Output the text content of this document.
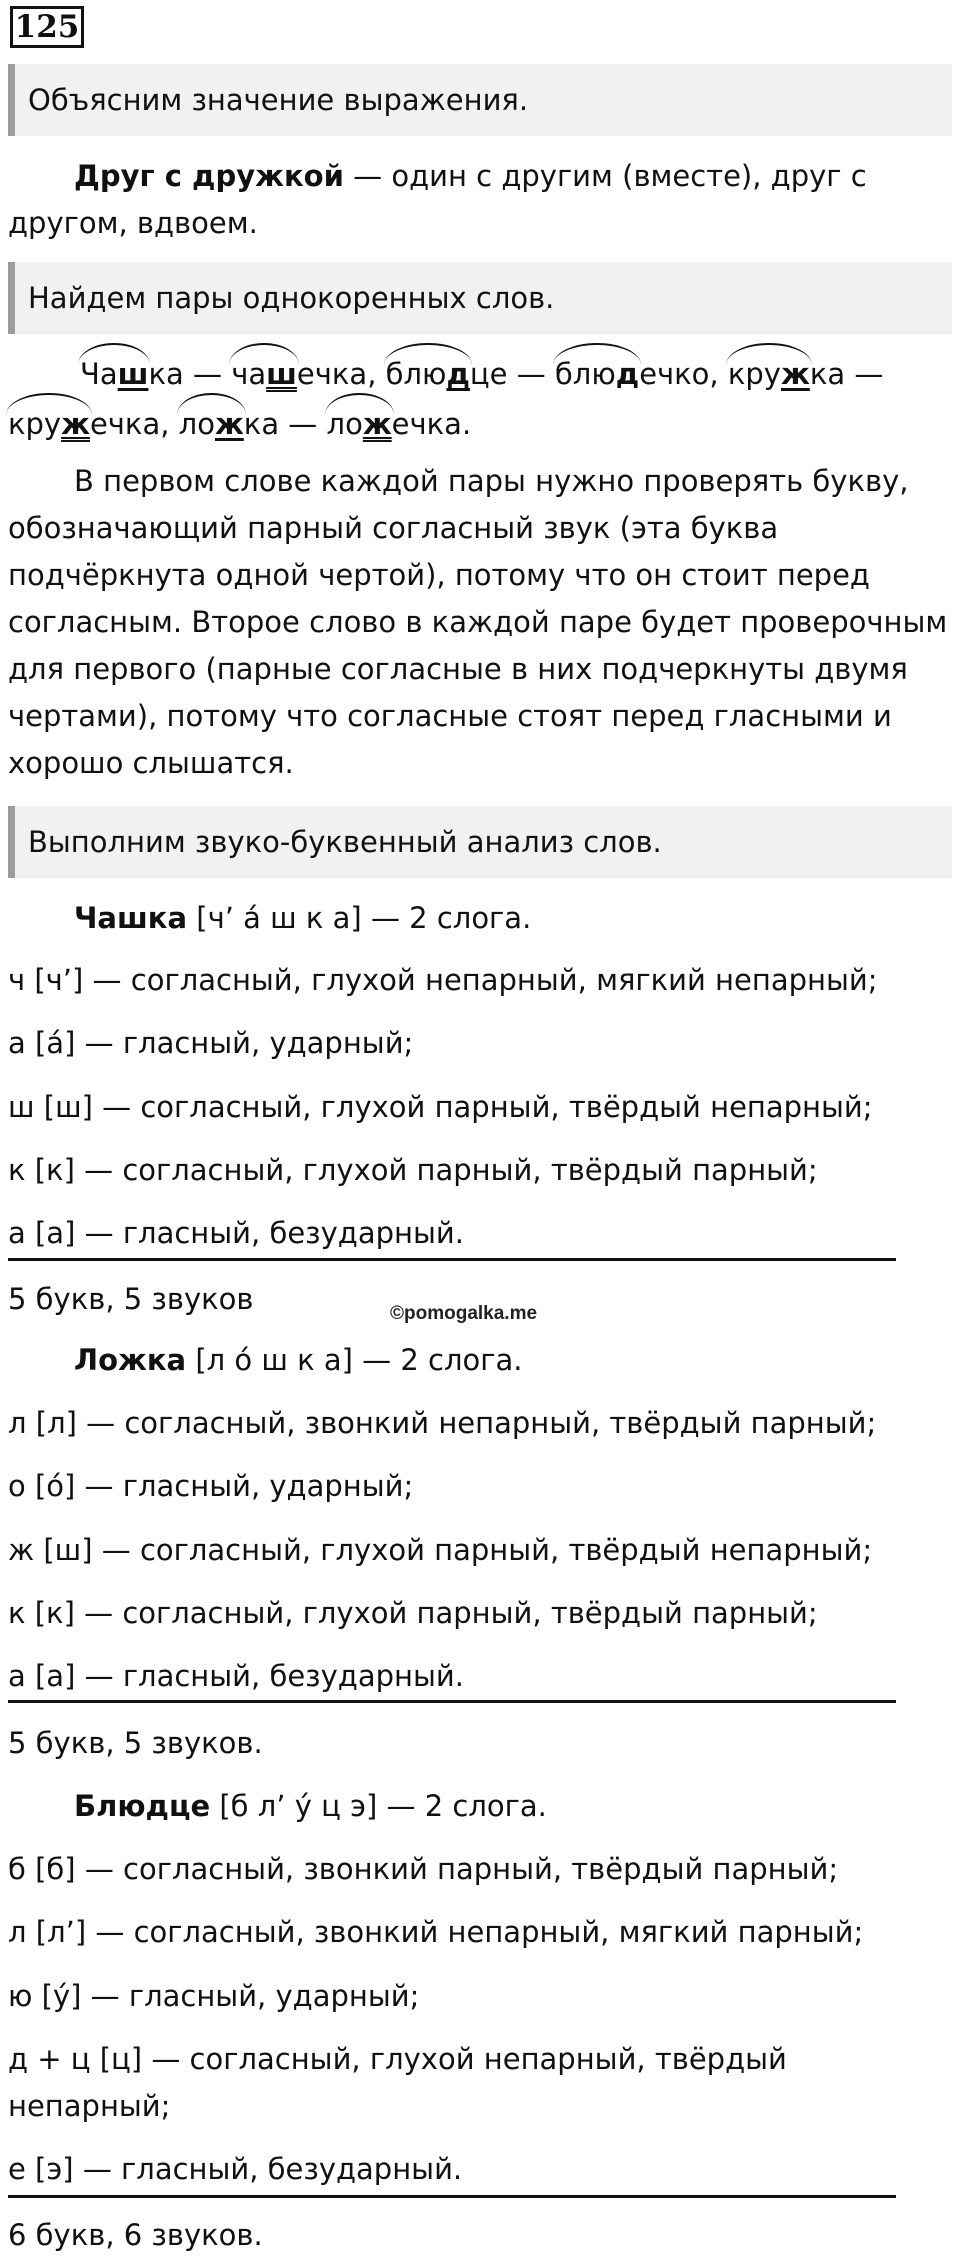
125
Объясним значение выражения.

Друг с дружкой — один с другим (вместе), друг с другом, вдвоем.

Найдем пары однокоренных слов.
Чашка — чашечка, блюдце — блюдечко, кружка — кружечка, ложка — ложечка.

В первом слове каждой пары нужно проверять букву, обозначающий парный согласный звук (эта буква подчёркнута одной чертой), потому что он стоит перед согласным. Второе слово в каждой паре будет проверочным для первого (парные согласные в них подчеркнуты двумя чертами), потому что согласные стоят перед гласными и хорошо слышатся.

Выполним звуко-буквенный анализ слов.
Чашка [ч’ а́ ш к а] — 2 слога.
ч [ч’] — согласный, глухой непарный, мягкий непарный;
а [а́] — гласный, ударный;
ш [ш] — согласный, глухой парный, твёрдый непарный;
к [к] — согласный, глухой парный, твёрдый парный;
а [а] — гласный, безударный.
5 букв, 5 звуков	©pomogalka.me
Ложка [л о́ ш к а] — 2 слога.
л [л] — согласный, звонкий непарный, твёрдый парный;
о [о́] — гласный, ударный;
ж [ш] — согласный, глухой парный, твёрдый непарный;
к [к] — согласный, глухой парный, твёрдый парный;
а [а] — гласный, безударный.
5 букв, 5 звуков.
Блюдце [б л’ у́ ц э] — 2 слога.
б [б] — согласный, звонкий парный, твёрдый парный;
л [л’] — согласный, звонкий непарный, мягкий парный;
ю [у́] — гласный, ударный;
д + ц [ц] — согласный, глухой непарный, твёрдый
непарный;
е [э] — гласный, безударный.
6 букв, 6 звуков.
